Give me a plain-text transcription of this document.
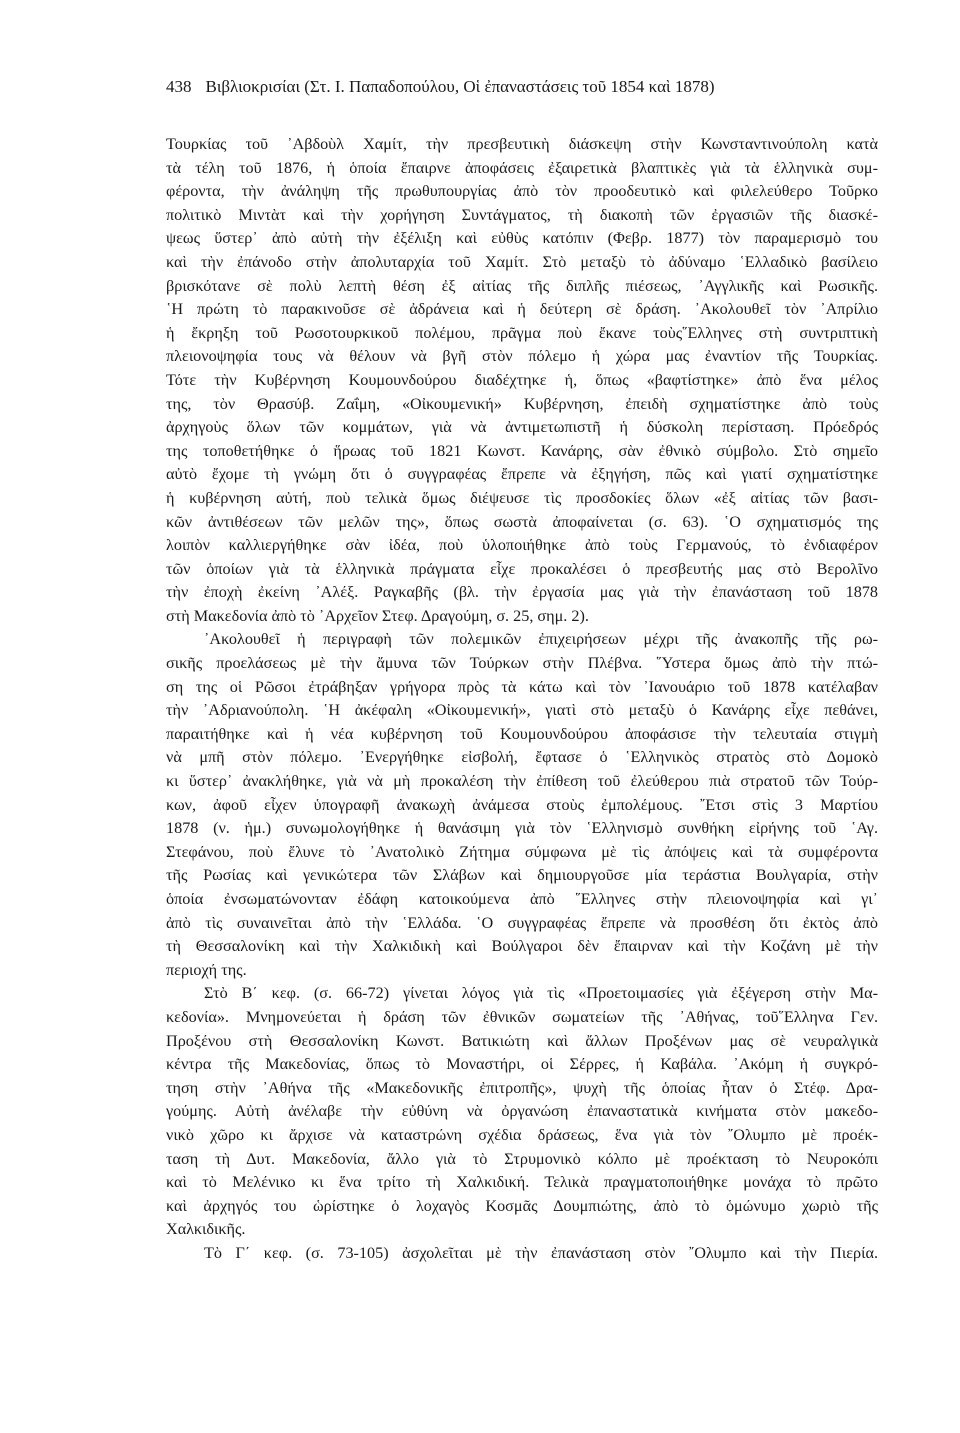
438 Βιβλιοκρισίαι (Στ. Ι. Παπαδοπούλου, Οἱ ἐπαναστάσεις τοῦ 1854 καὶ 1878)
Τουρκίας τοῦ ᾿Αβδοὺλ Χαμίτ, τὴν πρεσβευτικὴ διάσκεψη στὴν Κωνσταντινούπολη κατὰ
τὰ τέλη τοῦ 1876, ἡ ὁποία ἔπαιρνε ἀποφάσεις ἐξαιρετικὰ βλαπτικὲς γιὰ τὰ ἑλληνικὰ συμ-
φέροντα, τὴν ἀνάληψη τῆς πρωθυπουργίας ἀπὸ τὸν προοδευτικὸ καὶ φιλελεύθερο Τοῦρκο
πολιτικὸ Μιντὰτ καὶ τὴν χορήγηση Συντάγματος, τὴ διακοπὴ τῶν ἐργασιῶν τῆς διασκέ-
ψεως ὕστερ᾿ ἀπὸ αὐτὴ τὴν ἐξέλιξη καὶ εὐθὺς κατόπιν (Φεβρ. 1877) τὸν παραμερισμὸ του
καὶ τὴν ἐπάνοδο στὴν ἀπολυταρχία τοῦ Χαμίτ. Στὸ μεταξὺ τὸ ἀδύναμο ῾Ελλαδικὸ βασίλειο
βρισκότανε σὲ πολὺ λεπτὴ θέση ἐξ αἰτίας τῆς διπλῆς πιέσεως, ᾿Αγγλικῆς καὶ Ρωσικῆς.
῾Η πρώτη τὸ παρακινοῦσε σὲ ἀδράνεια καὶ ἡ δεύτερη σὲ δράση. ᾿Ακολουθεῖ τὸν ᾿Απρίλιο
ἡ ἔκρηξη τοῦ Ρωσοτουρκικοῦ πολέμου, πρᾶγμα ποὺ ἔκανε τοὺς῞Ελληνες στὴ συντριπτικὴ
πλειονοψηφία τους νὰ θέλουν νὰ βγῆ στὸν πόλεμο ἡ χώρα μας ἐναντίον τῆς Τουρκίας.
Τότε τὴν Κυβέρνηση Κουμουνδούρου διαδέχτηκε ἡ, ὅπως «βαφτίστηκε» ἀπὸ ἕνα μέλος
της, τὸν Θρασύβ. Ζαΐμη, «Οἰκουμενική» Κυβέρνηση, ἐπειδὴ σχηματίστηκε ἀπὸ τοὺς
ἀρχηγοὺς ὅλων τῶν κομμάτων, γιὰ νὰ ἀντιμετωπιστῆ ἡ δύσκολη περίσταση. Πρόεδρός
της τοποθετήθηκε ὁ ἥρωας τοῦ 1821 Κωνστ. Κανάρης, σὰν ἐθνικὸ σύμβολο. Στὸ σημεῖο
αὐτὸ ἔχομε τὴ γνώμη ὅτι ὁ συγγραφέας ἔπρεπε νὰ ἐξηγήση, πῶς καὶ γιατί σχηματίστηκε
ἡ κυβέρνηση αὐτή, ποὺ τελικὰ ὅμως διέψευσε τὶς προσδοκίες ὅλων «ἐξ αἰτίας τῶν βασι-
κῶν ἀντιθέσεων τῶν μελῶν της», ὅπως σωστὰ ἀποφαίνεται (σ. 63). ῾Ο σχηματισμός της
λοιπὸν καλλιεργήθηκε σὰν ἰδέα, ποὺ ὑλοποιήθηκε ἀπὸ τοὺς Γερμανούς, τὸ ἐνδιαφέρον
τῶν ὁποίων γιὰ τὰ ἑλληνικὰ πράγματα εἶχε προκαλέσει ὁ πρεσβευτής μας στὸ Βερολῖνο
τὴν ἐποχὴ ἐκείνη ᾿Αλέξ. Ραγκαβῆς (βλ. τὴν ἐργασία μας γιὰ τὴν ἐπανάσταση τοῦ 1878
στὴ Μακεδονία ἀπὸ τὸ ᾿Αρχεῖον Στεφ. Δραγούμη, σ. 25, σημ. 2).
᾿Ακολουθεῖ ἡ περιγραφὴ τῶν πολεμικῶν ἐπιχειρήσεων μέχρι τῆς ἀνακοπῆς τῆς ρω-
σικῆς προελάσεως μὲ τὴν ἄμυνα τῶν Τούρκων στὴν Πλέβνα. ῞Υστερα ὅμως ἀπὸ τὴν πτώ-
ση της οἱ Ρῶσοι ἐτράβηξαν γρήγορα πρὸς τὰ κάτω καὶ τὸν ᾿Ιανουάριο τοῦ 1878 κατέλαβαν
τὴν ᾿Αδριανούπολη. ῾Η ἀκέφαλη «Οἰκουμενική», γιατὶ στὸ μεταξὺ ὁ Κανάρης εἶχε πεθάνει,
παραιτήθηκε καὶ ἡ νέα κυβέρνηση τοῦ Κουμουνδούρου ἀποφάσισε τὴν τελευταία στιγμὴ
νὰ μπῆ στὸν πόλεμο. ᾿Ενεργήθηκε εἰσβολή, ἔφτασε ὁ ῾Ελληνικὸς στρατὸς στὸ Δομοκὸ
κι ὕστερ᾿ ἀνακλήθηκε, γιὰ νὰ μὴ προκαλέση τὴν ἐπίθεση τοῦ ἐλεύθερου πιὰ στρατοῦ τῶν Τούρ-
κων, ἀφοῦ εἶχεν ὑπογραφῆ ἀνακωχὴ ἀνάμεσα στοὺς ἐμπολέμους. ῎Ετσι στὶς 3 Μαρτίου
1878 (ν. ἡμ.) συνωμολογήθηκε ἡ θανάσιμη γιὰ τὸν ῾Ελληνισμὸ συνθήκη εἰρήνης τοῦ ῾Αγ.
Στεφάνου, ποὺ ἔλυνε τὸ ᾿Ανατολικὸ Ζήτημα σύμφωνα μὲ τὶς ἀπόψεις καὶ τὰ συμφέροντα
τῆς Ρωσίας καὶ γενικώτερα τῶν Σλάβων καὶ δημιουργοῦσε μία τεράστια Βουλγαρία, στὴν
ὁποία ἐνσωματώνονταν ἐδάφη κατοικούμενα ἀπὸ ῞Ελληνες στὴν πλειονοψηφία καὶ γι᾿
ἀπὸ τὶς συναινεῖται ἀπὸ τὴν ῾Ελλάδα. ῾Ο συγγραφέας ἔπρεπε νὰ προσθέση ὅτι ἐκτὸς ἀπὸ
τὴ Θεσσαλονίκη καὶ τὴν Χαλκιδικὴ καὶ Βούλγαροι δὲν ἔπαιρναν καὶ τὴν Κοζάνη μὲ τὴν
περιοχή της.
Στὸ Β΄ κεφ. (σ. 66-72) γίνεται λόγος γιὰ τὶς «Προετοιμασίες γιὰ ἐξέγερση στὴν Μα-
κεδονία». Μνημονεύεται ἡ δράση τῶν ἐθνικῶν σωματείων τῆς ᾿Αθήνας, τοῦ῞Ελληνα Γεν.
Προξένου στὴ Θεσσαλονίκη Κωνστ. Βατικιώτη καὶ ἄλλων Προξένων μας σὲ νευραλγικὰ
κέντρα τῆς Μακεδονίας, ὅπως τὸ Μοναστήρι, οἱ Σέρρες, ἡ Καβάλα. ᾿Ακόμη ἡ συγκρό-
τηση στὴν ᾿Αθήνα τῆς «Μακεδονικῆς ἐπιτροπῆς», ψυχὴ τῆς ὁποίας ἦταν ὁ Στέφ. Δρα-
γούμης. Αὐτὴ ἀνέλαβε τὴν εὐθύνη νὰ ὀργανώση ἐπαναστατικὰ κινήματα στὸν μακεδο-
νικὸ χῶρο κι ἄρχισε νὰ καταστρώνη σχέδια δράσεως, ἕνα γιὰ τὸν ῎Ολυμπο μὲ προέκ-
ταση τὴ Δυτ. Μακεδονία, ἄλλο γιὰ τὸ Στρυμονικὸ κόλπο μὲ προέκταση τὸ Νευροκόπι
καὶ τὸ Μελένικο κι ἕνα τρίτο τὴ Χαλκιδική. Τελικὰ πραγματοποιήθηκε μονάχα τὸ πρῶτο
καὶ ἀρχηγός του ὡρίστηκε ὁ λοχαγὸς Κοσμᾶς Δουμπιώτης, ἀπὸ τὸ ὁμώνυμο χωριὸ τῆς
Χαλκιδικῆς.
Τὸ Γ΄ κεφ. (σ. 73-105) ἀσχολεῖται μὲ τὴν ἐπανάσταση στὸν ῎Ολυμπο καὶ τὴν Πιερία.
